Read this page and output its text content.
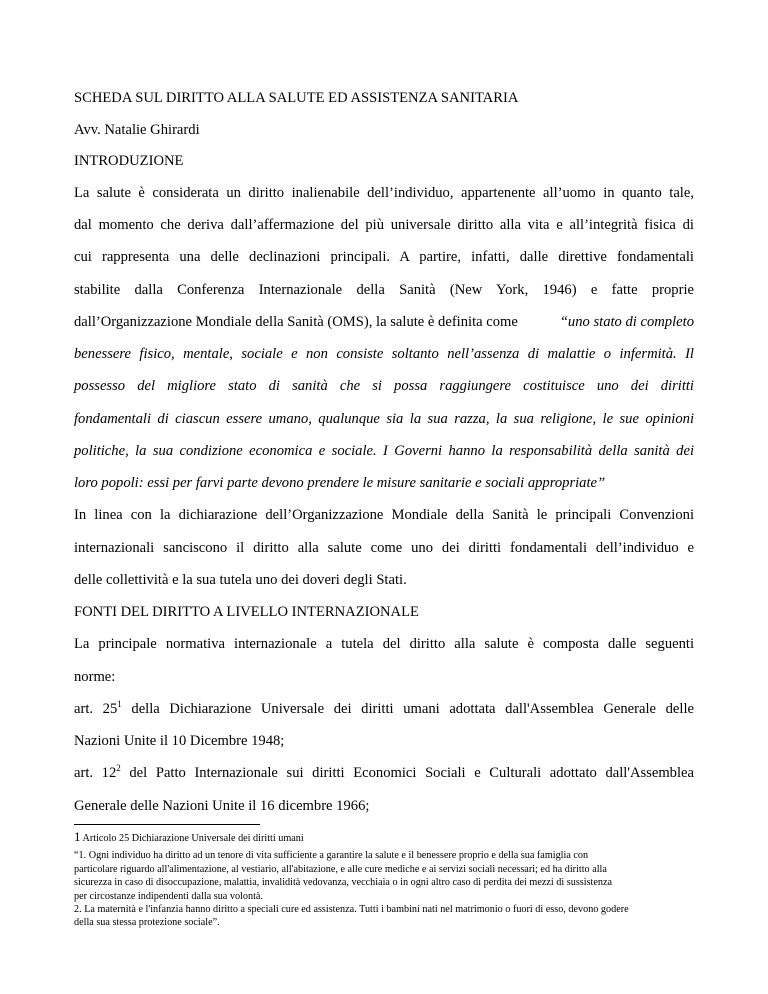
SCHEDA SUL DIRITTO ALLA SALUTE ED ASSISTENZA SANITARIA
Avv. Natalie Ghirardi
INTRODUZIONE
La salute è considerata un diritto inalienabile dell’individuo, appartenente all’uomo in quanto tale,
dal momento che deriva dall’affermazione del più universale diritto alla vita e all’integrità fisica di
cui rappresenta una delle declinazioni principali. A partire, infatti, dalle direttive fondamentali
stabilite dalla Conferenza Internazionale della Sanità (New York, 1946) e fatte proprie
dall’Organizzazione Mondiale della Sanità (OMS), la salute è definita come	“uno stato di completo
benessere fisico, mentale, sociale e non consiste soltanto nell’assenza di malattie o infermità. Il
possesso del migliore stato di sanità che si possa raggiungere costituisce uno dei diritti
fondamentali di ciascun essere umano, qualunque sia la sua razza, la sua religione, le sue opinioni
politiche, la sua condizione economica e sociale. I Governi hanno la responsabilità della sanità dei
loro popoli: essi per farvi parte devono prendere le misure sanitarie e sociali appropriate”
In linea con la dichiarazione dell’Organizzazione Mondiale della Sanità le principali Convenzioni
internazionali sanciscono il diritto alla salute come uno dei diritti fondamentali dell’individuo e
delle collettività e la sua tutela uno dei doveri degli Stati.
FONTI DEL DIRITTO A LIVELLO INTERNAZIONALE
La principale normativa internazionale a tutela del diritto alla salute è composta dalle seguenti
norme:
art. $25^1$ della Dichiarazione Universale dei diritti umani adottata dall'Assemblea Generale delle
Nazioni Unite il 10 Dicembre 1948;
art. $12^2$ del Patto Internazionale sui diritti Economici Sociali e Culturali adottato dall'Assemblea
Generale delle Nazioni Unite il 16 dicembre 1966;
1 Articolo 25 Dichiarazione Universale dei diritti umani
“1. Ogni individuo ha diritto ad un tenore di vita sufficiente a garantire la salute e il benessere proprio e della sua famiglia con
particolare riguardo all'alimentazione, al vestiario, all'abitazione, e alle cure mediche e ai servizi sociali necessari; ed ha diritto alla
sicurezza in caso di disoccupazione, malattia, invalidità vedovanza, vecchiaia o in ogni altro caso di perdita dei mezzi di sussistenza
per circostanze indipendenti dalla sua volontà.
2. La maternità e l'infanzia hanno diritto a speciali cure ed assistenza. Tutti i bambini nati nel matrimonio o fuori di esso, devono godere
della sua stessa protezione sociale”.
